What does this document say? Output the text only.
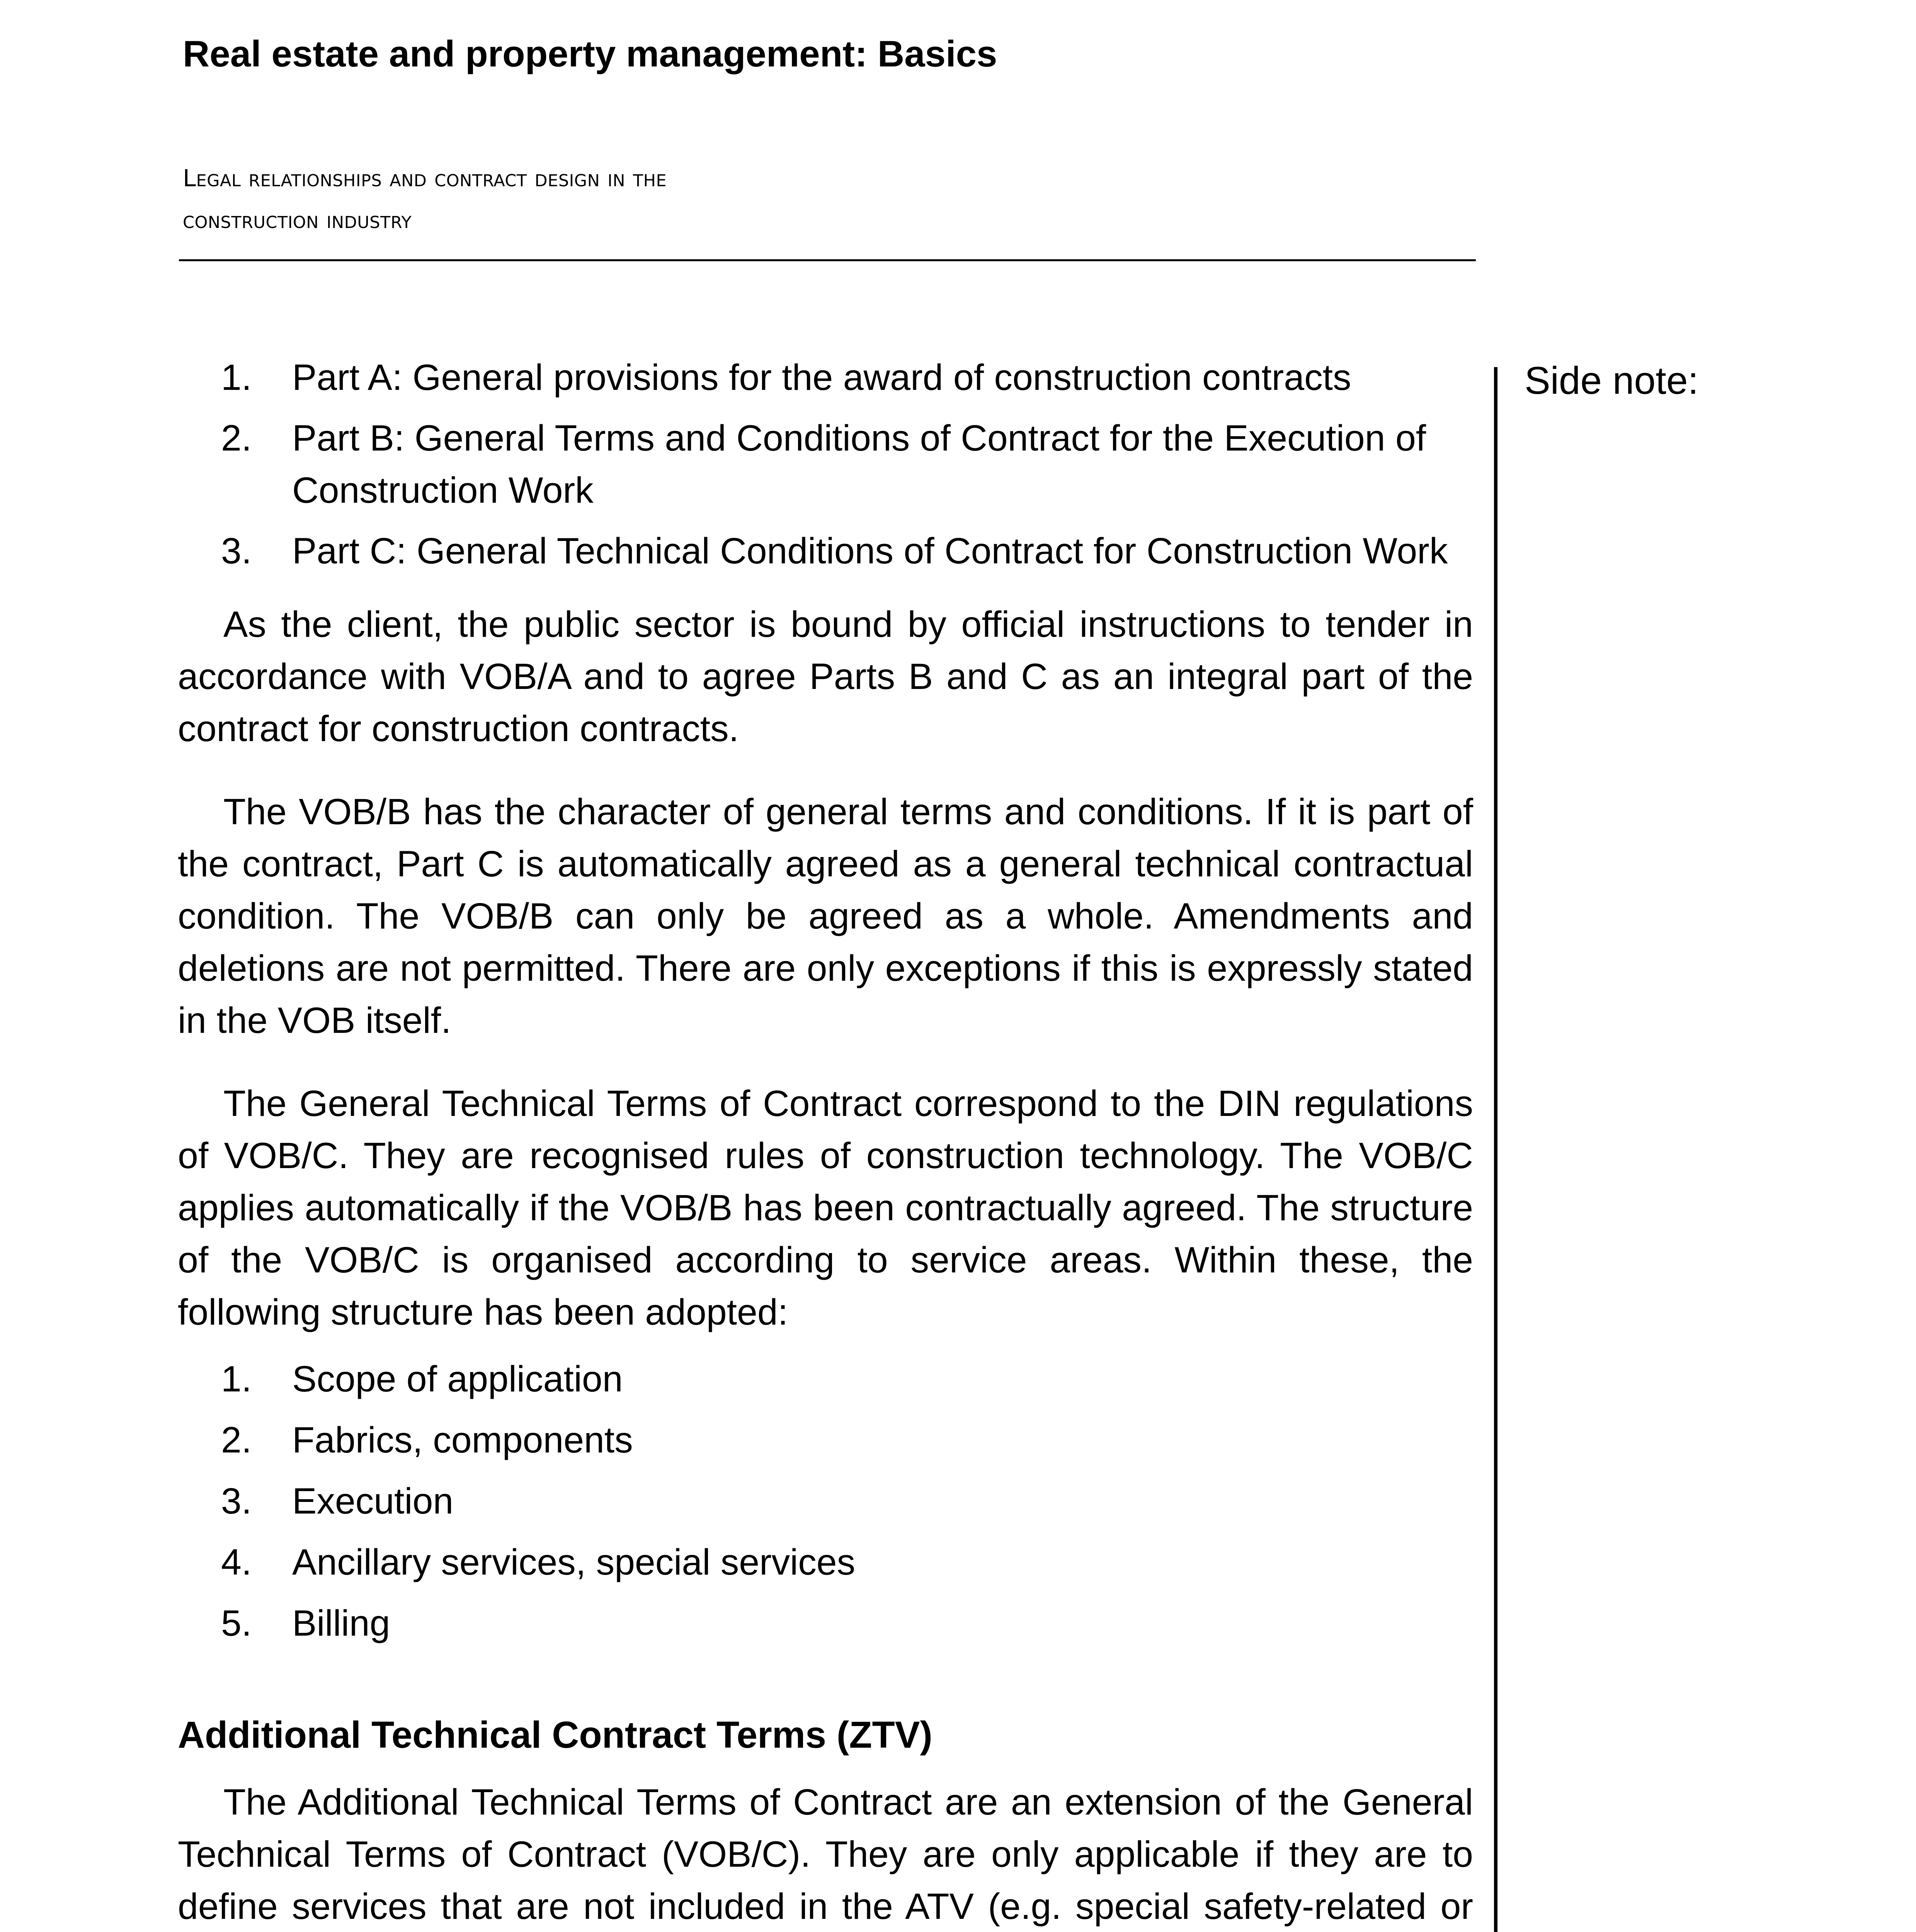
Real estate and property management: Basics
Legal relationships and contract design in the
construction industry
Side note:
1. Part A: General provisions for the award of construction contracts
2. Part B: General Terms and Conditions of Contract for the Execution of Construction Work
3. Part C: General Technical Conditions of Contract for Construction Work

As the client, the public sector is bound by official instructions to tender in accordance with VOB/A and to agree Parts B and C as an integral part of the contract for construction contracts.

The VOB/B has the character of general terms and conditions. If it is part of the contract, Part C is automatically agreed as a general technical contractual condition. The VOB/B can only be agreed as a whole. Amendments and deletions are not permitted. There are only exceptions if this is expressly stated in the VOB itself.

The General Technical Terms of Contract correspond to the DIN regulations of VOB/C. They are recognised rules of construction technology. The VOB/C applies automatically if the VOB/B has been contractually agreed. The structure of the VOB/C is organised according to service areas. Within these, the following structure has been adopted:

1. Scope of application
2. Fabrics, components
3. Execution
4. Ancillary services, special services
5. Billing
Additional Technical Contract Terms (ZTV)

The Additional Technical Terms of Contract are an extension of the General Technical Terms of Contract (VOB/C). They are only applicable if they are to define services that are not included in the ATV (e.g. special safety-related or
